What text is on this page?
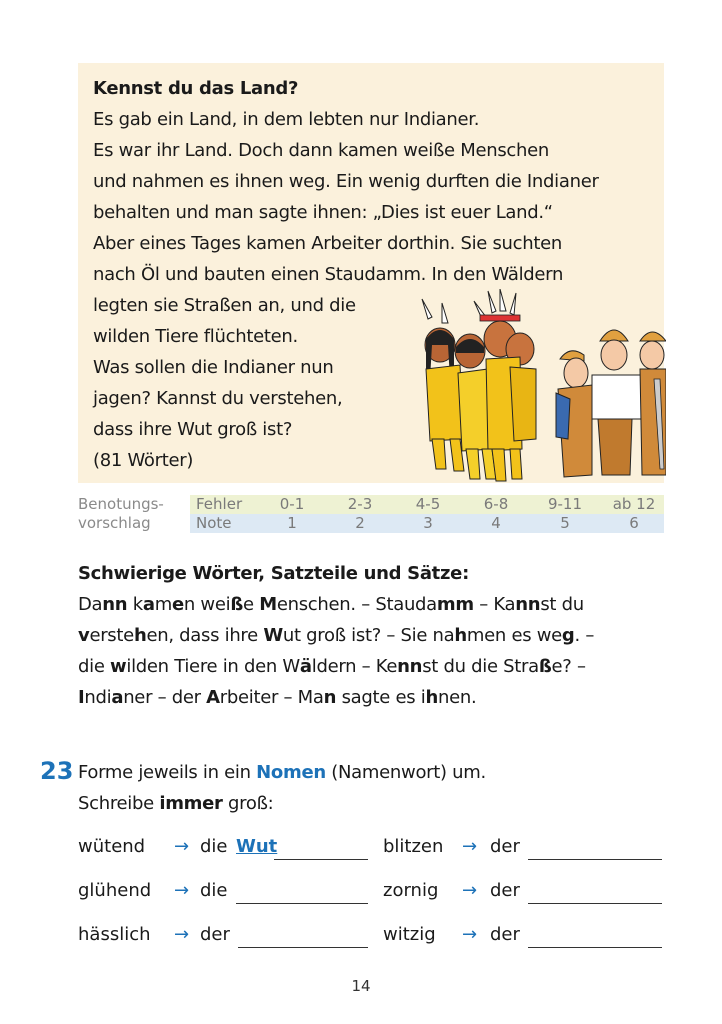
Kennst du das Land?
Es gab ein Land, in dem lebten nur Indianer.
Es war ihr Land. Doch dann kamen weiße Menschen
und nahmen es ihnen weg. Ein wenig durften die Indianer
behalten und man sagte ihnen: „Dies ist euer Land.“
Aber eines Tages kamen Arbeiter dorthin. Sie suchten
nach Öl und bauten einen Staudamm. In den Wäldern
legten sie Straßen an, und die
wilden Tiere flüchteten.
Was sollen die Indianer nun
jagen? Kannst du verstehen,
dass ihre Wut groß ist?
(81 Wörter)
Benotungs-
vorschlag
Fehler	0-1	2-3	4-5	6-8	9-11	ab 12
Note	1	2	3	4	5	6
Schwierige Wörter, Satzteile und Sätze:
Dann kamen weiße Menschen. – Staudamm – Kannst du
verstehen, dass ihre Wut groß ist? – Sie nahmen es weg. –
die wilden Tiere in den Wäldern – Kennst du die Straße? –
Indianer – der Arbeiter – Man sagte es ihnen.
23 Forme jeweils in ein Nomen (Namenwort) um.
Schreibe immer groß:
wütend → die Wut	blitzen → der
glühend → die	zornig → der
hässlich → der	witzig → der
14
